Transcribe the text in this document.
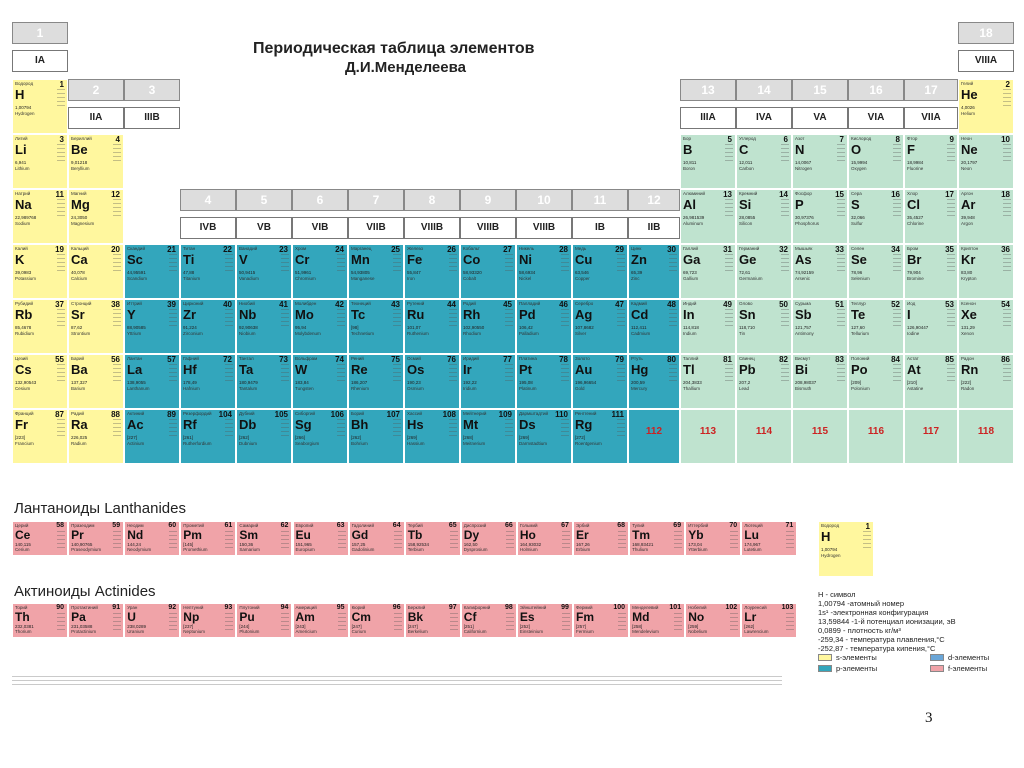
Периодическая таблица элементов
Д.И.Менделеева
Водород	1
H
1,00794
Hydrogen
Гелий	2
He
4,0026
Helium
Литий	3
Li
6,941
Lithium
Бериллий	4
Be
9,01218
Beryllium
Бор	5
B
10,811
Boron
Углерод	6
C
12,011
Carbon
Азот	7
N
14,0067
Nitrogen
Кислород	8
O
15,9994
Oxygen
Фтор	9
F
18,9984
Fluorine
Неон	10
Ne
20,1797
Neon
Натрий	11
Na
22,989768
Sodium
Магний	12
Mg
24,3050
Magnesium
Алюминий 13
Al
26,981539
Aluminum
Кремний	14
Si
28,0855
Silicon
Фосфор	15
P
30,97376
Phosphorus
Сера	16
S
32,066
Sulfur
Хлор	17
Cl
35,4527
Chlorine
Аргон	18
Ar
39,948
Argon
Калий	19
K
39,0983
Potassium
Кальций	20
Ca
40,078
Calcium
Скандий	21
Sc
44,95591
Scandium
Титан	22
Ti
47,88
Titanium
Ванадий	23
V
50,9415
Vanadium
Хром	24
Cr
51,9961
Chromium
Марганец 25
Mn
54,93805
Manganese
Железо	26
Fe
55,847
Iron
Кобальт	27
Co
58,93320
Cobalt
Никель	28
Ni
58,6934
Nickel
Медь	29
Cu
63,546
Copper
Цинк	30
Zn
65,39
Zinc
Галлий	31
Ga
69,723
Gallium
Германий 32
Ge
72,61
Germanium
Мышьяк	33
As
74,92159
Arsenic
Селен	34
Se
78,96
Selenium
Бром	35
Br
79,904
Bromine
Криптон	36
Kr
83,80
Krypton
Рубидий	37
Rb
85,4678
Rubidium
Стронций 38
Sr
87,62
Strontium
Иттрий	39
Y
88,90585
Yttrium
Цирконий 40
Zr
91,224
Zirconium
Ниобий	41
Nb
92,90638
Niobium
Молибден 42
Mo
95,94
Molybdenum
Технеций	43
Tc
[98]
Technetium
Рутений	44
Ru
101,07
Ruthenium
Родий	45
Rh
102,90550
Rhodium
Палладий 46
Pd
106,42
Palladium
Серебро	47
Ag
107,8682
Silver
Кадмий	48
Cd
112,411
Cadmium
Индий	49
In
114,818
Indium
Олово	50
Sn
118,710
Tin
Сурьма	51
Sb
121,757
Antimony
Теллур	52
Te
127,60
Tellurium
Иод	53
I
126,90447
Iodine
Ксенон	54
Xe
131,29
Xenon
Цезий	55
Cs
132,90543
Cesium
Барий	56
Ba
137,327
Barium
Лантан	57
La
138,9055
Lanthanum
Гафний	72
Hf
178,49
Hafnium
Тантал	73
Ta
180,9479
Tantalum
Вольфрам 74
W
183,84
Tungsten
Рений	75
Re
186,207
Rhenium
Осмий	76
Os
190,23
Osmium
Иридий	77
Ir
192,22
Iridium
Платина	78
Pt
195,08
Platinum
Золото	79
Au
196,96654
Gold
Ртуть	80
Hg
200,59
Mercury
Таллий	81
Tl
204,3833
Thallium
Свинец	82
Pb
207,2
Lead
Висмут	83
Bi
208,98037
Bismuth
Полоний	84
Po
[209]
Polonium
Астат	85
At
[210]
Astatine
Радон	86
Rn
[222]
Radon
Франций	87
Fr
[223]
Francium
Радий	88
Ra
226,025
Radium
Актиний	89
Ac
[227]
Actinium
Резерфордий 104
Rf
[261]
Rutherfordium
Дубний	105
Db
[262]
Dubnium
Сиборгий 106
Sg
[266]
Seaborgium
Борий	107
Bh
[262]
Bohrium
Хассий	108
Hs
[269]
Hassium
Мейтнерий 109
Mt
[268]
Meitnerium
Дармштадтий 110
Ds
[269]
Darmstadtium
Рентгений 111
Rg
[272]
Roentgenium
112	113	114	115	116	117	118
Церий	58
Ce
140,115
Cerium
Празеодим	59
Pr
140,90765
Praseodymium
Неодим	60
Nd
144,24
Neodymium
Прометий	61
Pm
[145]
Promethium
Самарий	62
Sm
150,36
Samarium
Европий	63
Eu
151,965
Europium
Гадолиний	64
Gd
157,25
Gadolinium
Тербий	65
Tb
158,92534
Terbium
Диспрозий	66
Dy
162,50
Dysprosium
Гольмий	67
Ho
164,93032
Holmium
Эрбий	68
Er
167,26
Erbium
Тулий	69
Tm
168,93421
Thulium
Иттербий	70
Yb
173,04
Ytterbium
Лютеций	71
Lu
174,967
Lutetium
Торий	90
Th
232,0381
Thorium
Протактиний 91
Pa
231,03588
Protactinium
Уран	92
U
238,0289
Uranium
Нептуний	93
Np
[237]
Neptunium
Плутоний	94
Pu
[244]
Plutonium
Америций	95
Am
[243]
Americium
Кюрий	96
Cm
[247]
Curium
Берклий	97
Bk
[247]
Berkelium
Калифорний 98
Cf
[251]
Californium
Эйнштейний 99
Es
[252]
Einsteinium
Фермий	100
Fm
[257]
Fermium
Менделевий 101
Md
[258]
Mendelevium
Нобелий	102
No
[259]
Nobelium
Лоуренсий 103
Lr
[262]
Lawrencium
Лантаноиды Lanthanides
Актиноиды Actinides
Водород	1
H
1,00794
Hydrogen
H - символ
1,00794 -атомный номер
1s¹ -электронная конфигурация
13,59844 -1-й потенциал ионизации, эВ
0,0899 - плотность кг/м³
-259,34 - температура плавления,°C
-252,87 - температура кипения,°C
s-элементы
p-элементы
d-элементы
f-элементы
3
1
IA
2
IIA
3
IIIB
4
IVB
5
VB
6
VIB
7
VIIB
8
VIIIB
9
VIIIB
10
VIIIB
11
IB
12
IIB
13
IIIA
14
IVA
15
VA
16
VIA
17
VIIA
18
VIIIA
